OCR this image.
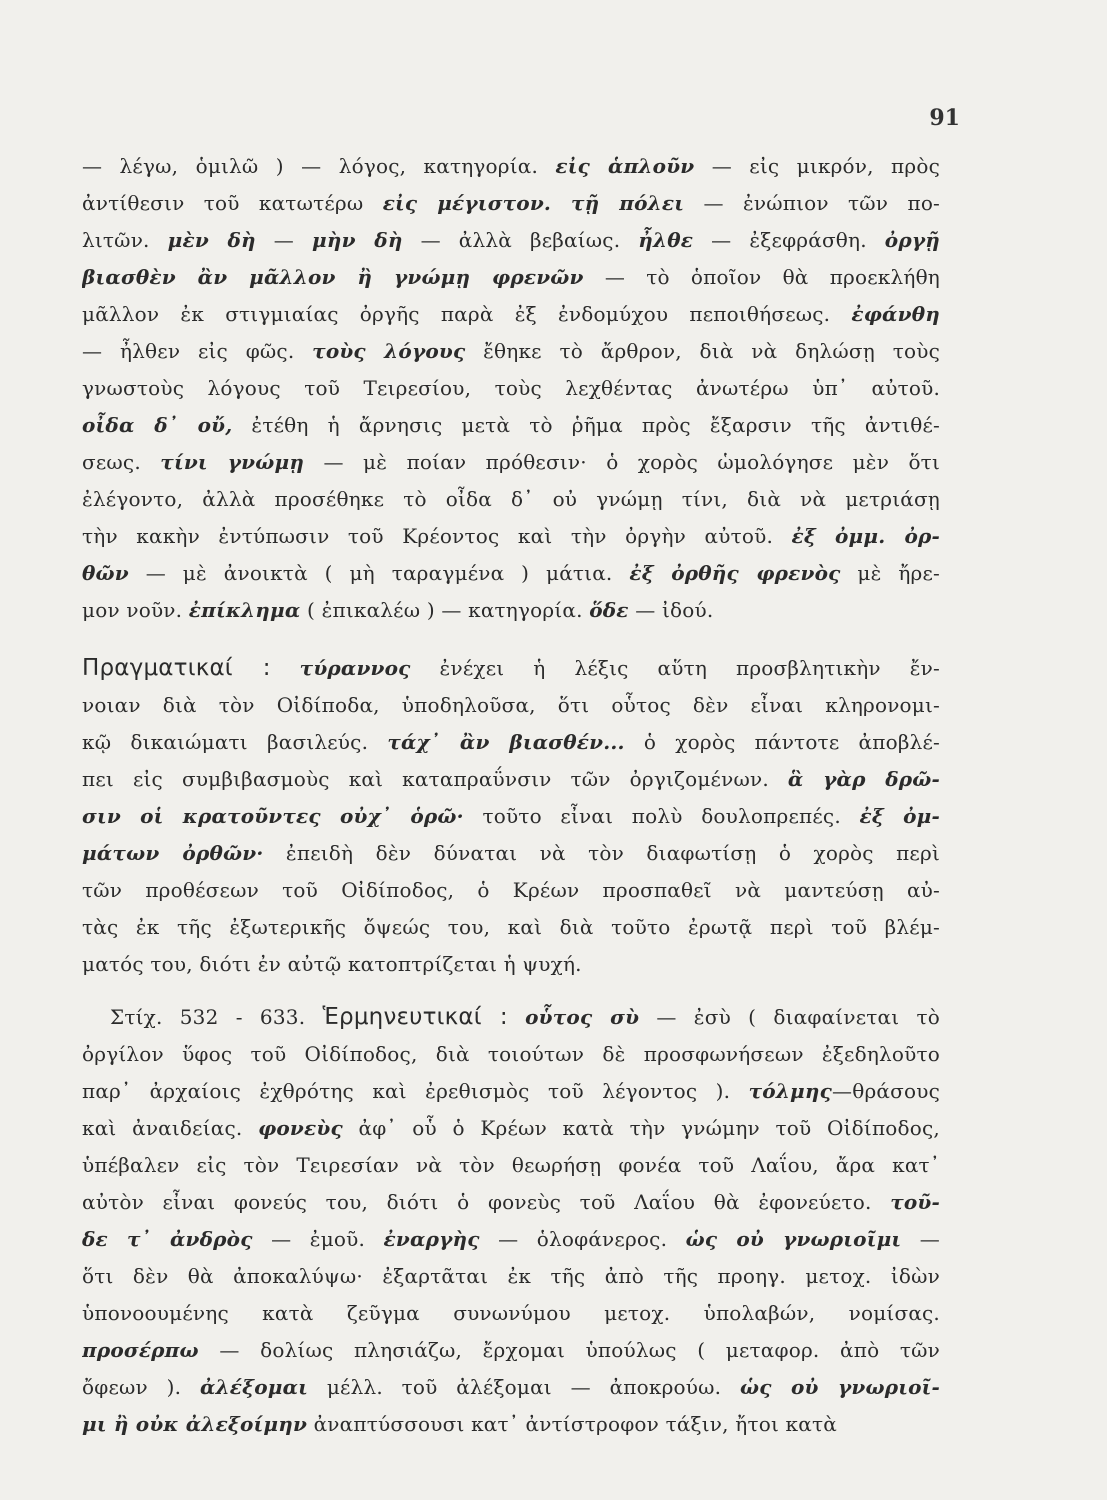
91
— λέγω, ὁμιλῶ ) — λόγος, κατηγορία. εἰς ἁπλοῦν — εἰς μικρόν, πρὸς
ἀντίθεσιν τοῦ κατωτέρω εἰς μέγιστον. τῇ πόλει — ἐνώπιον τῶν πο-
λιτῶν. μὲν δὴ — μὴν δὴ — ἀλλὰ βεβαίως. ἦλθε — ἐξεφράσθη. ὀργῇ
βιασθὲν ἂν μᾶλλον ἢ γνώμῃ φρενῶν — τὸ ὁποῖον θὰ προεκλήθη
μᾶλλον ἐκ στιγμιαίας ὀργῆς παρὰ ἐξ ἐνδομύχου πεποιθήσεως. ἐφάνθη
— ἦλθεν εἰς φῶς. τοὺς λόγους ἔθηκε τὸ ἄρθρον, διὰ νὰ δηλώσῃ τοὺς
γνωστοὺς λόγους τοῦ Τειρεσίου, τοὺς λεχθέντας ἀνωτέρω ὑπ᾽ αὐτοῦ.
οἶδα δ᾽ οὔ, ἐτέθη ἡ ἄρνησις μετὰ τὸ ῥῆμα πρὸς ἔξαρσιν τῆς ἀντιθέ-
σεως. τίνι γνώμῃ — μὲ ποίαν πρόθεσιν· ὁ χορὸς ὡμολόγησε μὲν ὅτι
ἐλέγοντο, ἀλλὰ προσέθηκε τὸ οἶδα δ᾽ οὐ γνώμῃ τίνι, διὰ νὰ μετριάσῃ
τὴν κακὴν ἐντύπωσιν τοῦ Κρέοντος καὶ τὴν ὀργὴν αὐτοῦ. ἐξ ὀμμ. ὀρ-
θῶν — μὲ ἀνοικτὰ ( μὴ ταραγμένα ) μάτια. ἐξ ὀρθῆς φρενὸς μὲ ἤρε-
μον νοῦν. ἐπίκλημα ( ἐπικαλέω ) — κατηγορία. ὅδε — ἰδού.
Πραγματικαί : τύραννος ἐνέχει ἡ λέξις αὕτη προσβλητικὴν ἔν-
νοιαν διὰ τὸν Οἰδίποδα, ὑποδηλοῦσα, ὅτι οὗτος δὲν εἶναι κληρονομι-
κῷ δικαιώματι βασιλεύς. τάχ᾽ ἂν βιασθέν... ὁ χορὸς πάντοτε ἀποβλέ-
πει εἰς συμβιβασμοὺς καὶ καταπραΰνσιν τῶν ὀργιζομένων. ἃ γὰρ δρῶ-
σιν οἱ κρατοῦντες οὐχ᾽ ὁρῶ· τοῦτο εἶναι πολὺ δουλοπρεπές. ἐξ ὀμ-
μάτων ὀρθῶν· ἐπειδὴ δὲν δύναται νὰ τὸν διαφωτίσῃ ὁ χορὸς περὶ
τῶν προθέσεων τοῦ Οἰδίποδος, ὁ Κρέων προσπαθεῖ νὰ μαντεύσῃ αὐ-
τὰς ἐκ τῆς ἐξωτερικῆς ὄψεώς του, καὶ διὰ τοῦτο ἐρωτᾷ περὶ τοῦ βλέμ-
ματός του, διότι ἐν αὐτῷ κατοπτρίζεται ἡ ψυχή.
Στίχ. 532 - 633. Ἑρμηνευτικαί : οὗτος σὺ — ἐσὺ ( διαφαίνεται τὸ
ὀργίλον ὕφος τοῦ Οἰδίποδος, διὰ τοιούτων δὲ προσφωνήσεων ἐξεδηλοῦτο
παρ᾽ ἀρχαίοις ἐχθρότης καὶ ἐρεθισμὸς τοῦ λέγοντος ). τόλμης—θράσους
καὶ ἀναιδείας. φονεὺς ἀφ᾽ οὗ ὁ Κρέων κατὰ τὴν γνώμην τοῦ Οἰδίποδος,
ὑπέβαλεν εἰς τὸν Τειρεσίαν νὰ τὸν θεωρήσῃ φονέα τοῦ Λαΐου, ἄρα κατ᾽
αὐτὸν εἶναι φονεύς του, διότι ὁ φονεὺς τοῦ Λαΐου θὰ ἐφονεύετο. τοῦ-
δε τ᾽ ἀνδρὸς — ἐμοῦ. ἐναργὴς — ὁλοφάνερος. ὡς οὐ γνωριοῖμι —
ὅτι δὲν θὰ ἀποκαλύψω· ἐξαρτᾶται ἐκ τῆς ἀπὸ τῆς προηγ. μετοχ. ἰδὼν
ὑπονοουμένης κατὰ ζεῦγμα συνωνύμου μετοχ. ὑπολαβών, νομίσας.
προσέρπω — δολίως πλησιάζω, ἔρχομαι ὑπούλως ( μεταφορ. ἀπὸ τῶν
ὄφεων ). ἀλέξομαι μέλλ. τοῦ ἀλέξομαι — ἀποκρούω. ὡς οὐ γνωριοῖ-
μι ἢ οὐκ ἀλεξοίμην ἀναπτύσσουσι κατ᾽ ἀντίστροφον τάξιν, ἤτοι κατὰ
